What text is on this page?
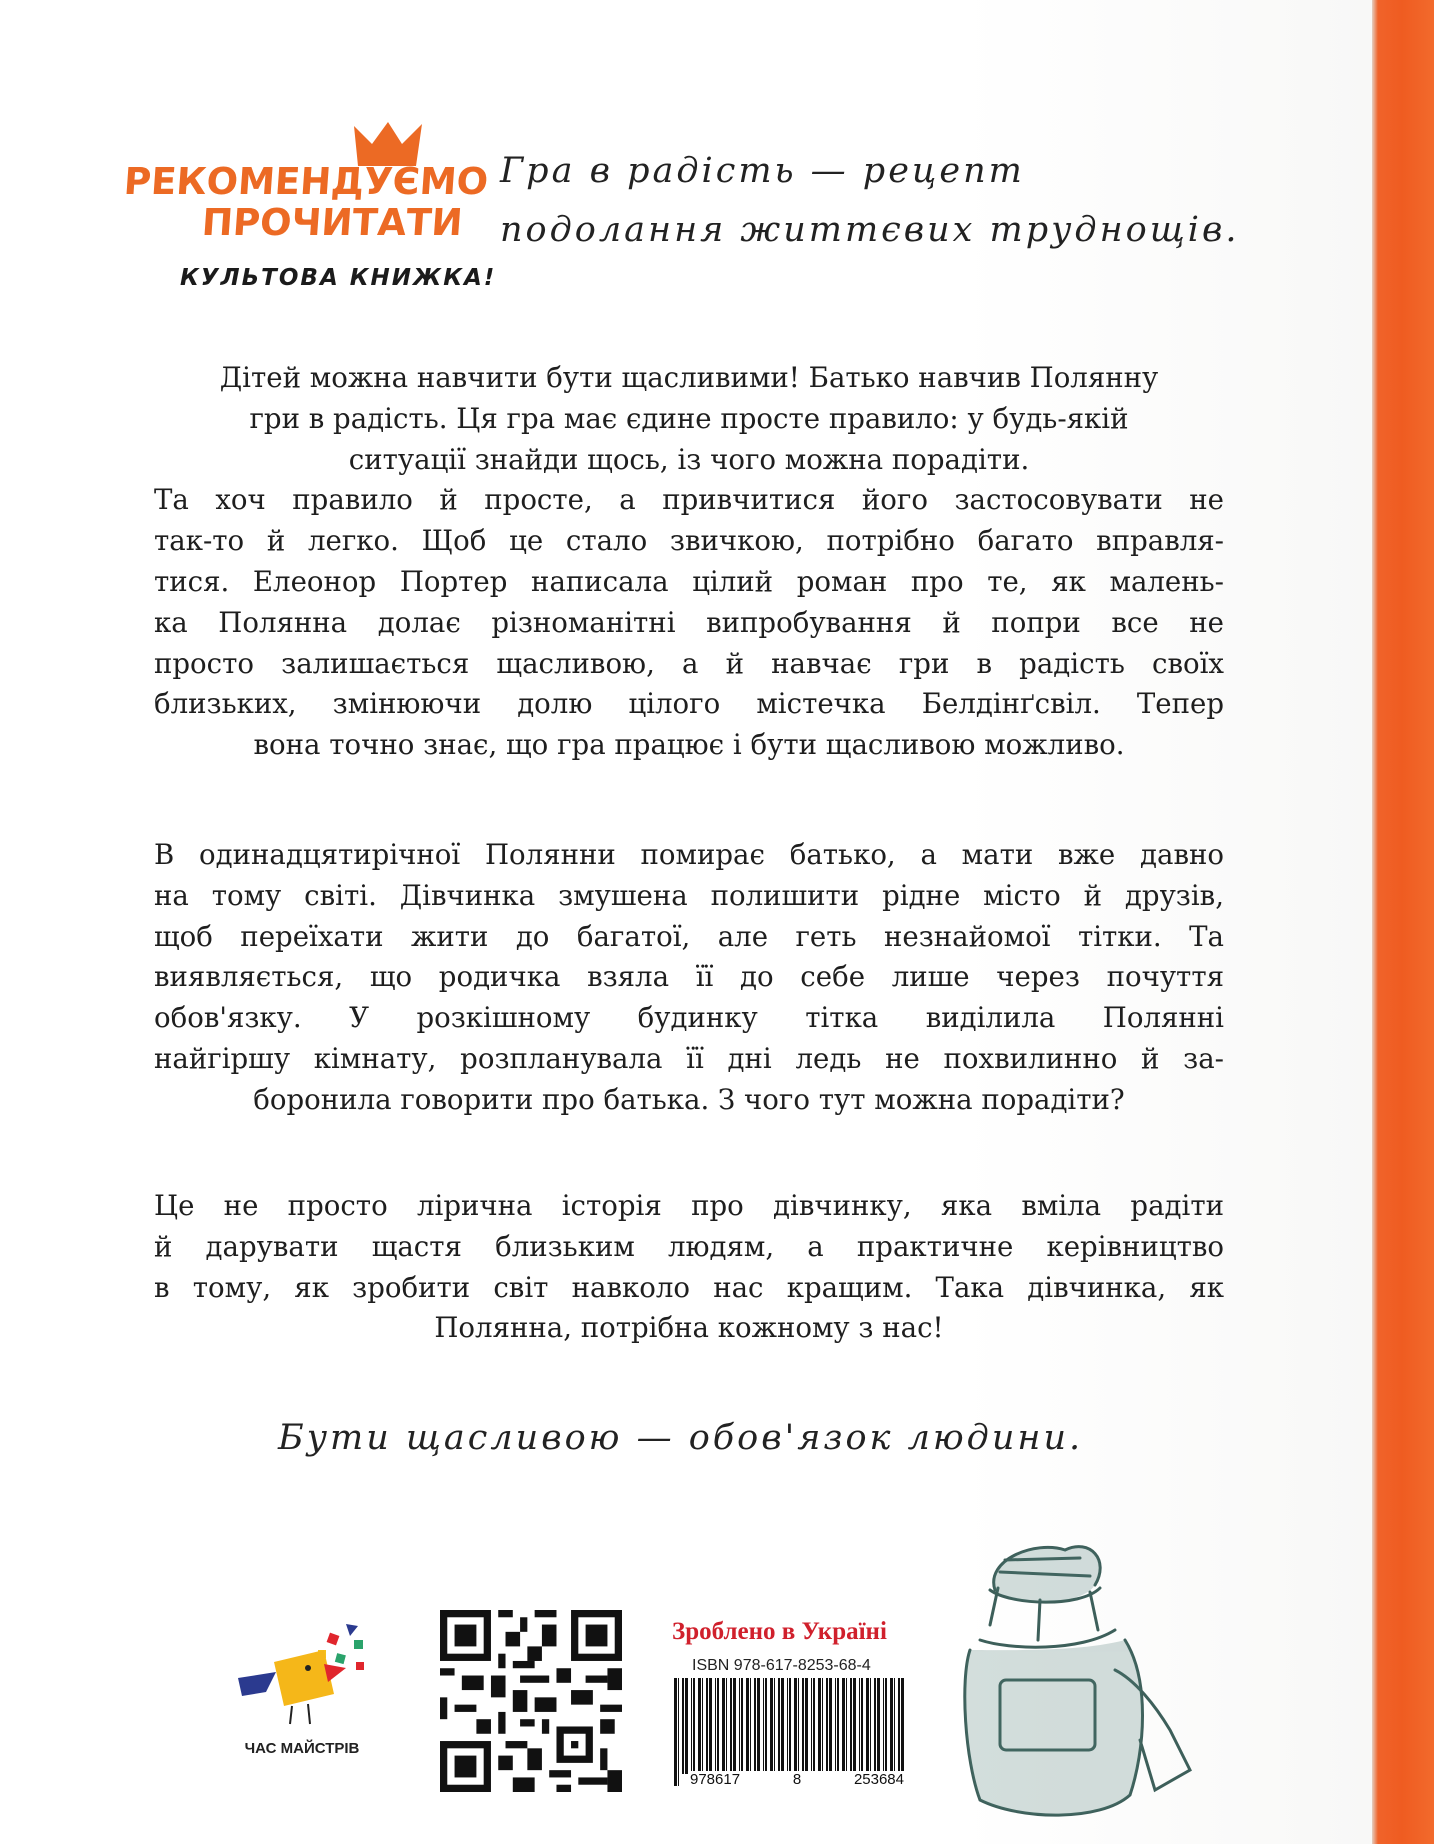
РЕКОМЕНДУЄМО
ПРОЧИТАТИ
КУЛЬТОВА КНИЖКА!
Гра в радість — рецепт
подолання життєвих труднощів.
Дітей можна навчити бути щасливими! Батько навчив Полянну
гри в радість. Ця гра має єдине просте правило: у будь-якій
ситуації знайди щось, із чого можна порадіти.
Та хоч правило й просте, а привчитися його застосовувати не
так-то й легко. Щоб це стало звичкою, потрібно багато вправля-
тися. Елеонор Портер написала цілий роман про те, як малень-
ка Полянна долає різноманітні випробування й попри все не
просто залишається щасливою, а й навчає гри в радість своїх
близьких, змінюючи долю цілого містечка Белдінґсвіл. Тепер
вона точно знає, що гра працює і бути щасливою можливо.
В одинадцятирічної Полянни помирає батько, а мати вже давно
на тому світі. Дівчинка змушена полишити рідне місто й друзів,
щоб переїхати жити до багатої, але геть незнайомої тітки. Та
виявляється, що родичка взяла її до себе лише через почуття
обов'язку. У розкішному будинку тітка виділила Полянні
найгіршу кімнату, розпланувала її дні ледь не похвилинно й за-
боронила говорити про батька. З чого тут можна порадіти?
Це не просто лірична історія про дівчинку, яка вміла радіти
й дарувати щастя близьким людям, а практичне керівництво
в тому, як зробити світ навколо нас кращим. Така дівчинка, як
Полянна, потрібна кожному з нас!
Бути щасливою — обов'язок людини.
ЧАС МАЙСТРІВ
Зроблено в Україні
ISBN 978-617-8253-68-4
978617	8	253684
